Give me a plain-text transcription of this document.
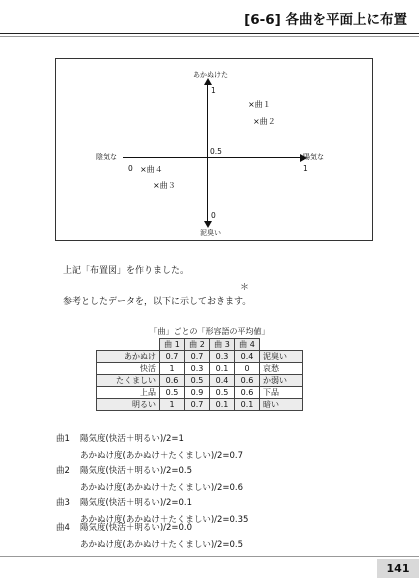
[6-6] 各曲を平面上に布置
あかぬけた
泥臭い
陰気な	陽気な
1
0
0	1
0.5
×曲１
×曲２
×曲４
×曲３
上記「布置図」を作りました。
＊
参考としたデータを，以下に示しておきます。
「曲」ごとの「形容語の平均値」
	曲 1	曲 2	曲 3	曲 4	
あかぬけ	0.7	0.7	0.3	0.4	泥臭い
快活	1	0.3	0.1	0	哀愁
たくましい	0.6	0.5	0.4	0.6	か弱い
上品	0.5	0.9	0.5	0.6	下品
明るい	1	0.7	0.1	0.1	暗い
曲1 陽気度(快活＋明るい)/2=1
あかぬけ度(あかぬけ＋たくましい)/2=0.7
曲2 陽気度(快活＋明るい)/2=0.5
あかぬけ度(あかぬけ＋たくましい)/2=0.6
曲3 陽気度(快活＋明るい)/2=0.1
あかぬけ度(あかぬけ＋たくましい)/2=0.35
曲4 陽気度(快活＋明るい)/2=0.0
あかぬけ度(あかぬけ＋たくましい)/2=0.5
141
